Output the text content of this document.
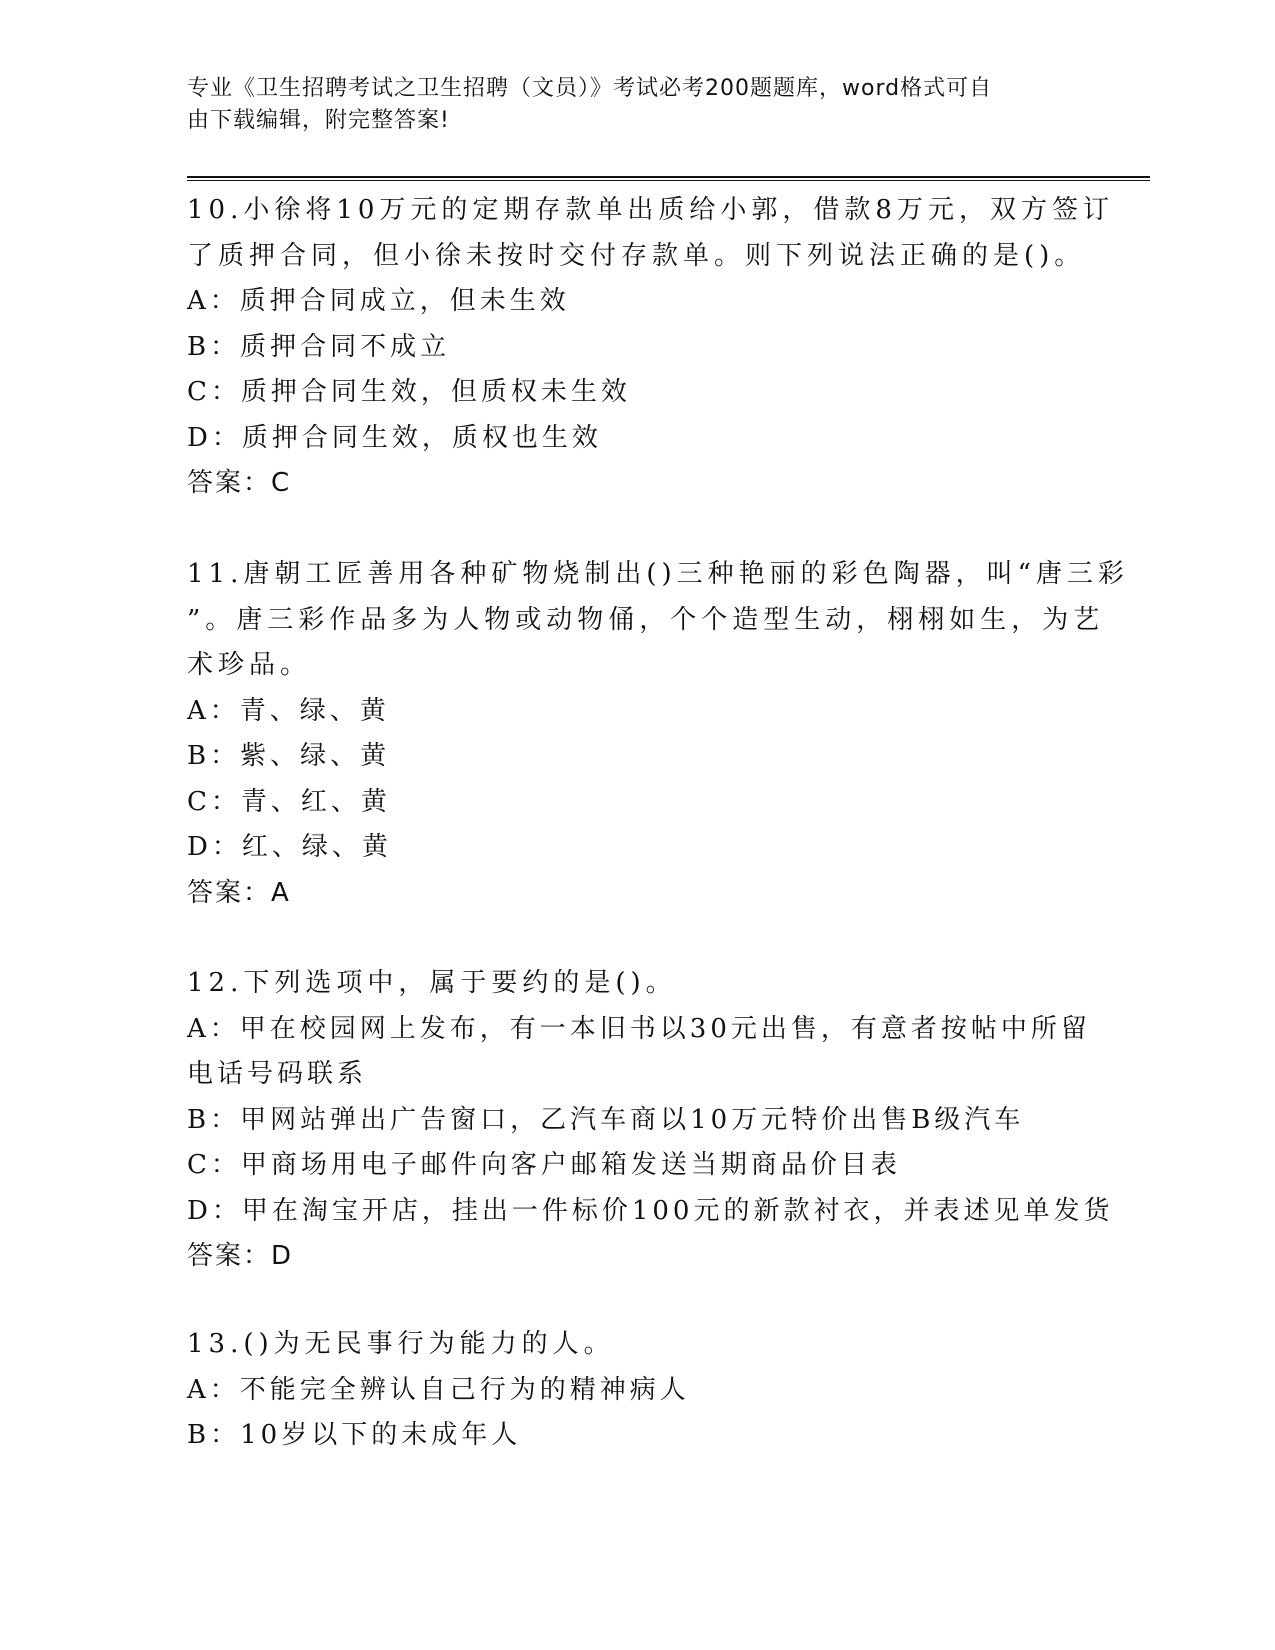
专业《卫生招聘考试之卫生招聘（文员）》考试必考200题题库，word格式可自
由下载编辑，附完整答案!
10.小徐将10万元的定期存款单出质给小郭，借款8万元，双方签订
了质押合同，但小徐未按时交付存款单。则下列说法正确的是()。
A：质押合同成立，但未生效
B：质押合同不成立
C：质押合同生效，但质权未生效
D：质押合同生效，质权也生效
答案：C
11.唐朝工匠善用各种矿物烧制出()三种艳丽的彩色陶器，叫“唐三彩
”。唐三彩作品多为人物或动物俑，个个造型生动，栩栩如生，为艺
术珍品。
A：青、绿、黄
B：紫、绿、黄
C：青、红、黄
D：红、绿、黄
答案：A
12.下列选项中，属于要约的是()。
A：甲在校园网上发布，有一本旧书以30元出售，有意者按帖中所留
电话号码联系
B：甲网站弹出广告窗口，乙汽车商以10万元特价出售B级汽车
C：甲商场用电子邮件向客户邮箱发送当期商品价目表
D：甲在淘宝开店，挂出一件标价100元的新款衬衣，并表述见单发货
答案：D
13.()为无民事行为能力的人。
A：不能完全辨认自己行为的精神病人
B：10岁以下的未成年人
